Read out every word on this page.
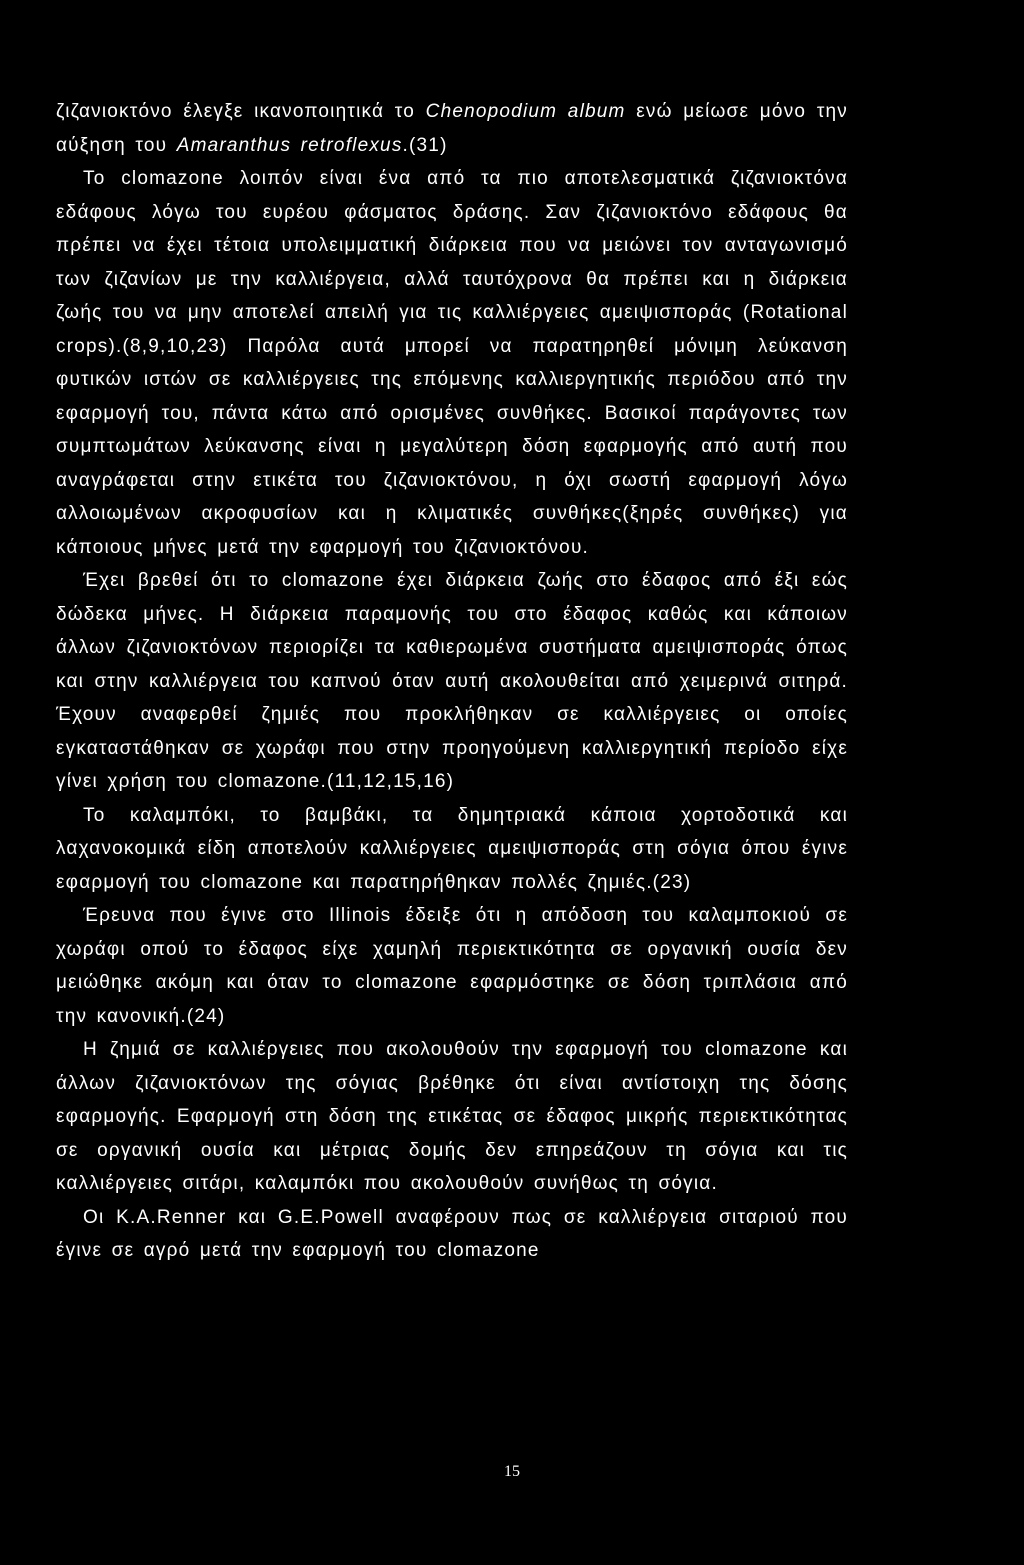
ζιζανιοκτόνο έλεγξε ικανοποιητικά το Chenopodium album ενώ μείωσε μόνο την αύξηση του Amaranthus retroflexus.(31)

Το clomazone λοιπόν είναι ένα από τα πιο αποτελεσματικά ζιζανιοκτόνα εδάφους λόγω του ευρέου φάσματος δράσης. Σαν ζιζανιοκτόνο εδάφους θα πρέπει να έχει τέτοια υπολειμματική διάρκεια που να μειώνει τον ανταγωνισμό των ζιζανίων με την καλλιέργεια, αλλά ταυτόχρονα θα πρέπει και η διάρκεια ζωής του να μην αποτελεί απειλή για τις καλλιέργειες αμειψισποράς (Rotational crops).(8,9,10,23) Παρόλα αυτά μπορεί να παρατηρηθεί μόνιμη λεύκανση φυτικών ιστών σε καλλιέργειες της επόμενης καλλιεργητικής περιόδου από την εφαρμογή του, πάντα κάτω από ορισμένες συνθήκες. Βασικοί παράγοντες των συμπτωμάτων λεύκανσης είναι η μεγαλύτερη δόση εφαρμογής από αυτή που αναγράφεται στην ετικέτα του ζιζανιοκτόνου, η όχι σωστή εφαρμογή λόγω αλλοιωμένων ακροφυσίων και η κλιματικές συνθήκες(ξηρές συνθήκες) για κάποιους μήνες μετά την εφαρμογή του ζιζανιοκτόνου.

Έχει βρεθεί ότι το clomazone έχει διάρκεια ζωής στο έδαφος από έξι εώς δώδεκα μήνες. Η διάρκεια παραμονής του στο έδαφος καθώς και κάποιων άλλων ζιζανιοκτόνων περιορίζει τα καθιερωμένα συστήματα αμειψισποράς όπως και στην καλλιέργεια του καπνού όταν αυτή ακολουθείται από χειμερινά σιτηρά. Έχουν αναφερθεί ζημιές που προκλήθηκαν σε καλλιέργειες οι οποίες εγκαταστάθηκαν σε χωράφι που στην προηγούμενη καλλιεργητική περίοδο είχε γίνει χρήση του clomazone.(11,12,15,16)

Το καλαμπόκι, το βαμβάκι, τα δημητριακά κάποια χορτοδοτικά και λαχανοκομικά είδη αποτελούν καλλιέργειες αμειψισποράς στη σόγια όπου έγινε εφαρμογή του clomazone και παρατηρήθηκαν πολλές ζημιές.(23)

Έρευνα που έγινε στο Illinois έδειξε ότι η απόδοση του καλαμποκιού σε χωράφι οπού το έδαφος είχε χαμηλή περιεκτικότητα σε οργανική ουσία δεν μειώθηκε ακόμη και όταν το clomazone εφαρμόστηκε σε δόση τριπλάσια από την κανονική.(24)

Η ζημιά σε καλλιέργειες που ακολουθούν την εφαρμογή του clomazone και άλλων ζιζανιοκτόνων της σόγιας βρέθηκε ότι είναι αντίστοιχη της δόσης εφαρμογής. Εφαρμογή στη δόση της ετικέτας σε έδαφος μικρής περιεκτικότητας σε οργανική ουσία και μέτριας δομής δεν επηρεάζουν τη σόγια και τις καλλιέργειες σιτάρι, καλαμπόκι που ακολουθούν συνήθως τη σόγια.

Οι K.A.Renner και G.E.Powell αναφέρουν πως σε καλλιέργεια σιταριού που έγινε σε αγρό μετά την εφαρμογή του clomazone

15
